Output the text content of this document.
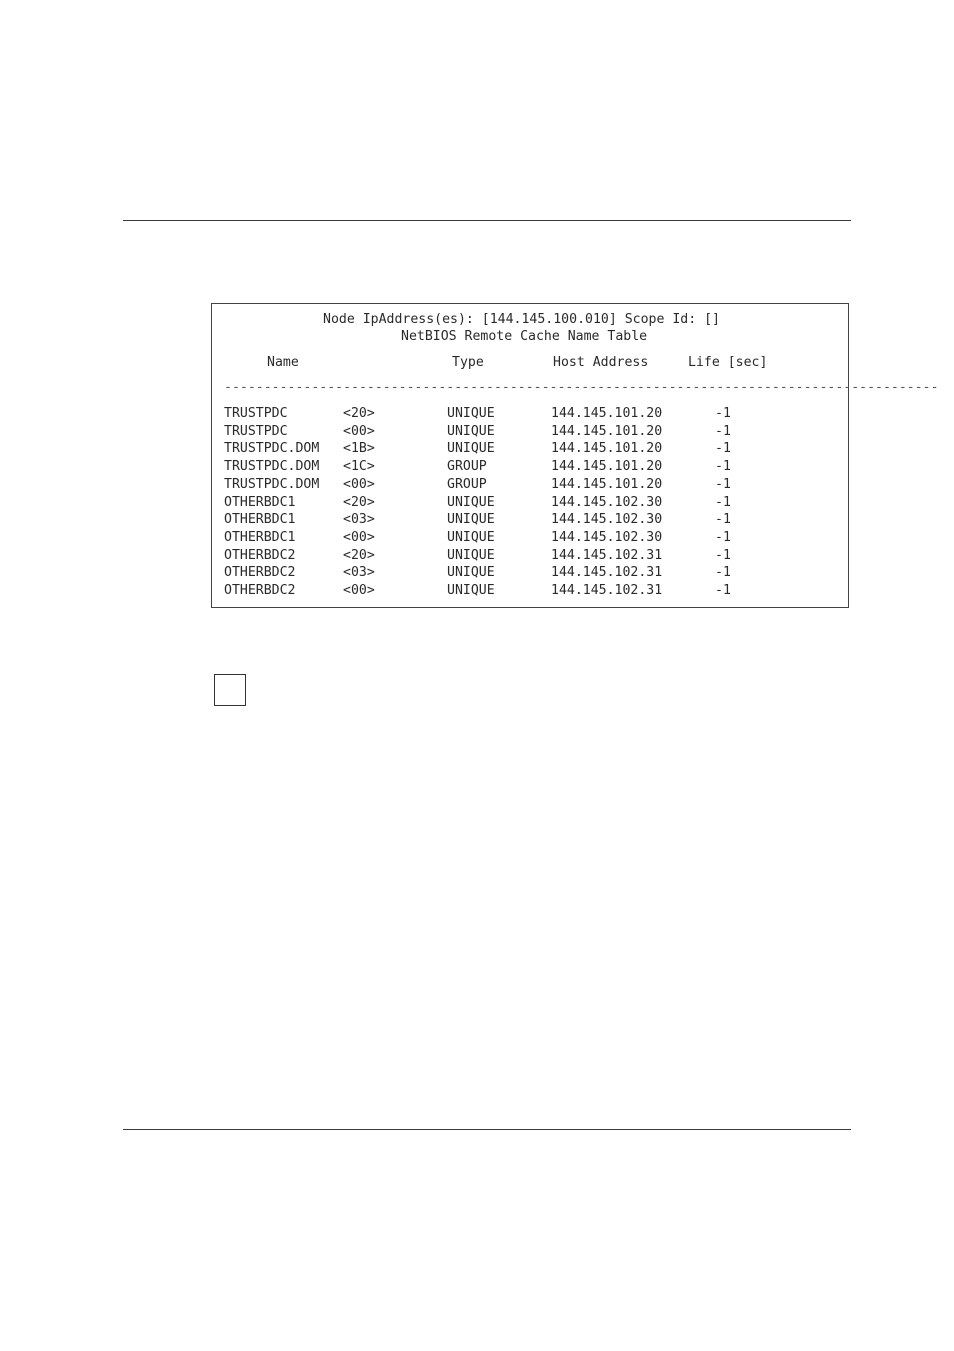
Node IpAddress(es): [144.145.100.010] Scope Id: []
NetBIOS Remote Cache Name Table
Name	Type	Host Address	Life [sec]
------------------------------------------------------------------------------------------
TRUSTPDC	<20>	UNIQUE	144.145.101.20	-1
TRUSTPDC	<00>	UNIQUE	144.145.101.20	-1
TRUSTPDC.DOM <1B>	UNIQUE	144.145.101.20	-1
TRUSTPDC.DOM <1C>	GROUP	144.145.101.20	-1
TRUSTPDC.DOM <00>	GROUP	144.145.101.20	-1
OTHERBDC1	<20>	UNIQUE	144.145.102.30	-1
OTHERBDC1	<03>	UNIQUE	144.145.102.30	-1
OTHERBDC1	<00>	UNIQUE	144.145.102.30	-1
OTHERBDC2	<20>	UNIQUE	144.145.102.31	-1
OTHERBDC2	<03>	UNIQUE	144.145.102.31	-1
OTHERBDC2	<00>	UNIQUE	144.145.102.31	-1
